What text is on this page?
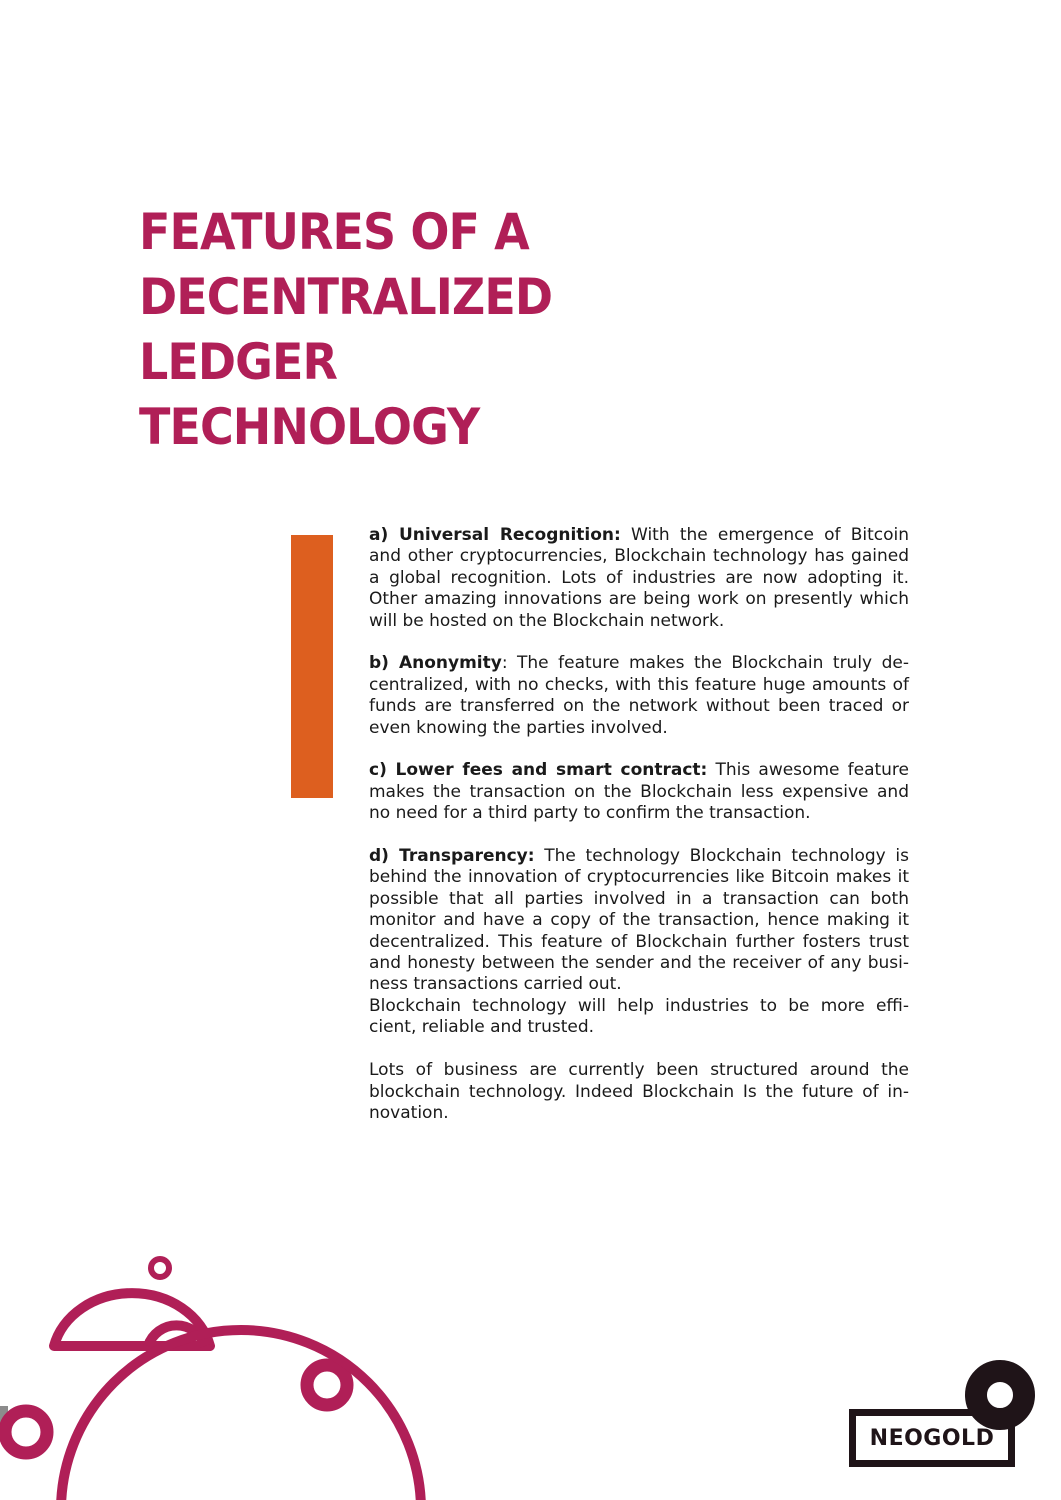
FEATURES OF A
DECENTRALIZED
LEDGER
TECHNOLOGY

a) Universal Recognition: With the emergence of Bitcoin and other cryptocurrencies, Blockchain technology has gained a global recognition. Lots of industries are now adopting it. Other amazing innovations are being work on presently which will be hosted on the Blockchain network.

b) Anonymity: The feature makes the Blockchain truly de-centralized, with no checks, with this feature huge amounts of funds are transferred on the network without been traced or even knowing the parties involved.

c) Lower fees and smart contract: This awesome feature makes the transaction on the Blockchain less expensive and no need for a third party to confirm the transaction.

d) Transparency: The technology Blockchain technology is behind the innovation of cryptocurrencies like Bitcoin makes it possible that all parties involved in a transaction can both monitor and have a copy of the transaction, hence making it decentralized. This feature of Blockchain further fosters trust and honesty between the sender and the receiver of any busi-ness transactions carried out.

Blockchain technology will help industries to be more effi-cient, reliable and trusted.

Lots of business are currently been structured around the blockchain technology. Indeed Blockchain Is the future of in-novation.

NEOGOLD
